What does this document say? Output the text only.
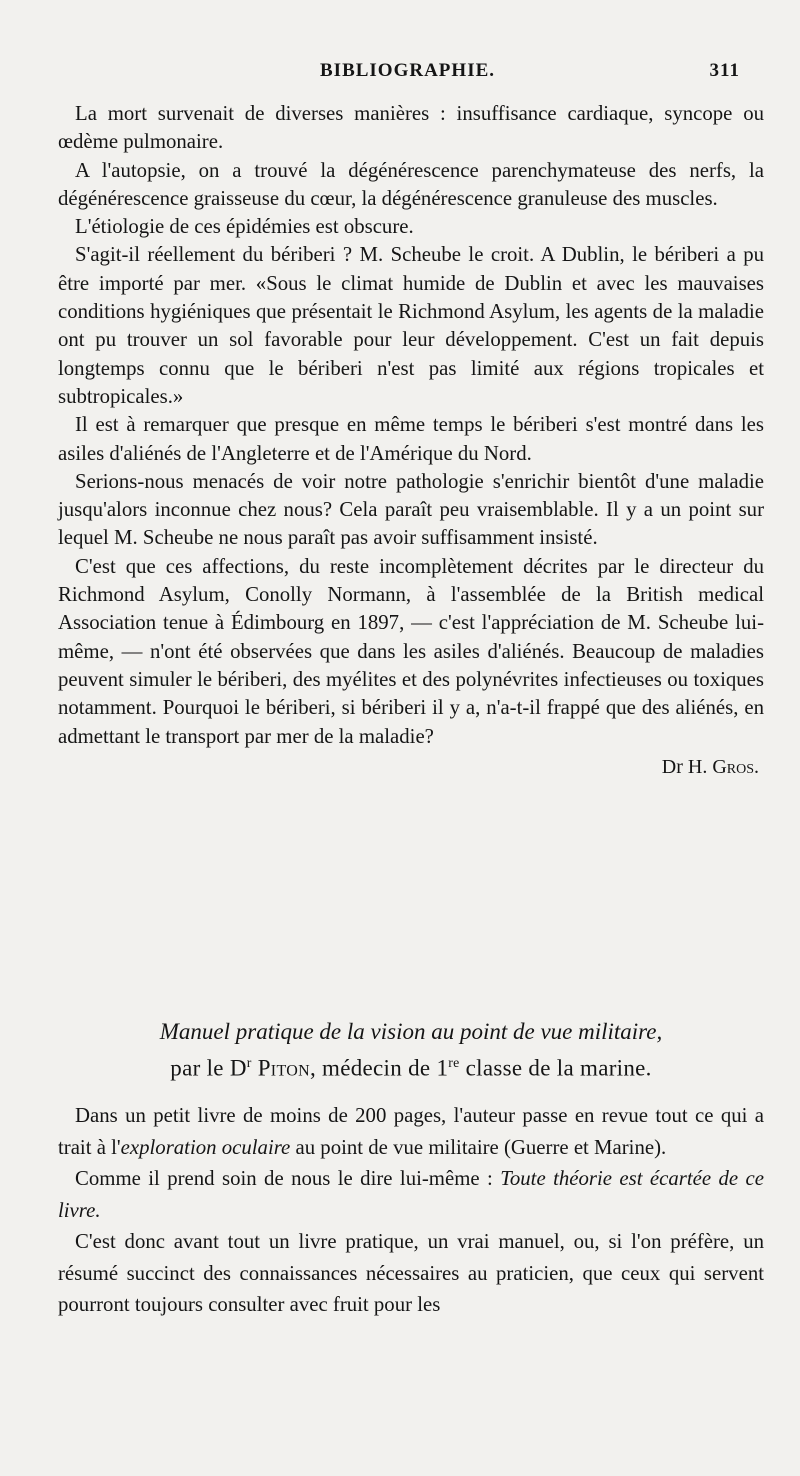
BIBLIOGRAPHIE.	311

La mort survenait de diverses manières : insuffisance cardiaque, syncope ou œdème pulmonaire.

A l'autopsie, on a trouvé la dégénérescence parenchymateuse des nerfs, la dégénérescence graisseuse du cœur, la dégénérescence granuleuse des muscles.

L'étiologie de ces épidémies est obscure.

S'agit-il réellement du bériberi ? M. Scheube le croit. A Dublin, le bériberi a pu être importé par mer. «Sous le climat humide de Dublin et avec les mauvaises conditions hygiéniques que présentait le Richmond Asylum, les agents de la maladie ont pu trouver un sol favorable pour leur développement. C'est un fait depuis longtemps connu que le bériberi n'est pas limité aux régions tropicales et subtropicales.»

Il est à remarquer que presque en même temps le bériberi s'est montré dans les asiles d'aliénés de l'Angleterre et de l'Amérique du Nord.

Serions-nous menacés de voir notre pathologie s'enrichir bientôt d'une maladie jusqu'alors inconnue chez nous? Cela paraît peu vraisemblable. Il y a un point sur lequel M. Scheube ne nous paraît pas avoir suffisamment insisté.

C'est que ces affections, du reste incomplètement décrites par le directeur du Richmond Asylum, Conolly Normann, à l'assemblée de la British medical Association tenue à Édimbourg en 1897, — c'est l'appréciation de M. Scheube lui-même, — n'ont été observées que dans les asiles d'aliénés. Beaucoup de maladies peuvent simuler le bériberi, des myélites et des polynévrites infectieuses ou toxiques notamment. Pourquoi le bériberi, si bériberi il y a, n'a-t-il frappé que des aliénés, en admettant le transport par mer de la maladie?

Dr H. Gros.
Manuel pratique de la vision au point de vue militaire,
par le $D^r$ Piton, médecin de 1re classe de la marine.

Dans un petit livre de moins de 200 pages, l'auteur passe en revue tout ce qui a trait à l'exploration oculaire au point de vue militaire (Guerre et Marine).

Comme il prend soin de nous le dire lui-même : Toute théorie est écartée de ce livre.

C'est donc avant tout un livre pratique, un vrai manuel, ou, si l'on préfère, un résumé succinct des connaissances nécessaires au praticien, que ceux qui servent pourront toujours consulter avec fruit pour les
